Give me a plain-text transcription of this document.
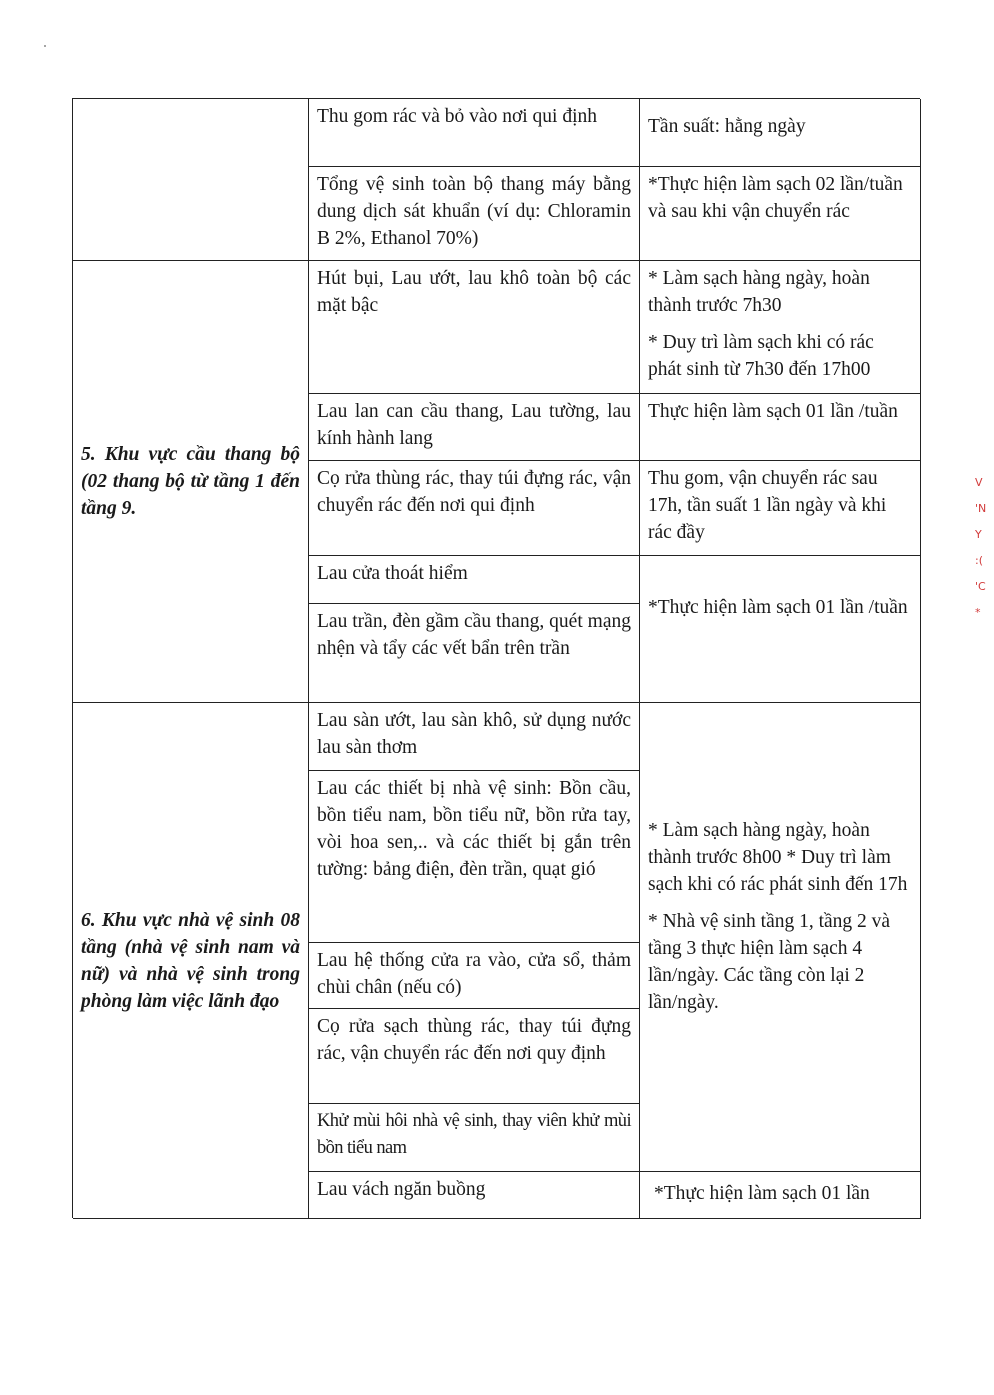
Thu gom rác và bỏ vào nơi qui định	Tần suất: hằng ngày

Tổng vệ sinh toàn bộ thang máy bằng dung dịch sát khuẩn (ví dụ: Chloramin B 2%, Ethanol 70%)

*Thực hiện làm sạch 02 lần/tuần và sau khi vận chuyển rác

5. Khu vực cầu thang bộ (02 thang bộ từ tầng 1 đến tầng 9.

Hút bụi, Lau ướt, lau khô toàn bộ các mặt bậc

* Làm sạch hàng ngày, hoàn thành trước 7h30

* Duy trì làm sạch khi có rác phát sinh từ 7h30 đến 17h00

Lau lan can cầu thang, Lau tường, lau kính hành lang

Thực hiện làm sạch 01 lần /tuần

Cọ rửa thùng rác, thay túi đựng rác, vận chuyển rác đến nơi qui định

Thu gom, vận chuyển rác sau 17h, tần suất 1 lần ngày và khi rác đầy

Lau cửa thoát hiểm

Lau trần, đèn gầm cầu thang, quét mạng nhện và tẩy các vết bẩn trên trần

*Thực hiện làm sạch 01 lần /tuần

6. Khu vực nhà vệ sinh 08 tầng (nhà vệ sinh nam và nữ) và nhà vệ sinh trong phòng làm việc lãnh đạo

Lau sàn ướt, lau sàn khô, sử dụng nước lau sàn thơm

Lau các thiết bị nhà vệ sinh: Bồn cầu, bồn tiểu nam, bồn tiểu nữ, bồn rửa tay, vòi hoa sen,.. và các thiết bị gắn trên tường: bảng điện, đèn trần, quạt gió

Lau hệ thống cửa ra vào, cửa sổ, thảm chùi chân (nếu có)

Cọ rửa sạch thùng rác, thay túi đựng rác, vận chuyển rác đến nơi quy định

Khử mùi hôi nhà vệ sinh, thay viên khử mùi bồn tiểu nam

Lau vách ngăn buồng

* Làm sạch hàng ngày, hoàn thành trước 8h00 * Duy trì làm sạch khi có rác phát sinh đến 17h

* Nhà vệ sinh tầng 1, tầng 2 và tầng 3 thực hiện làm sạch 4 lần/ngày. Các tầng còn lại 2 lần/ngày.

*Thực hiện làm sạch 01 lần

V
'N
Y
:(
'C
*
